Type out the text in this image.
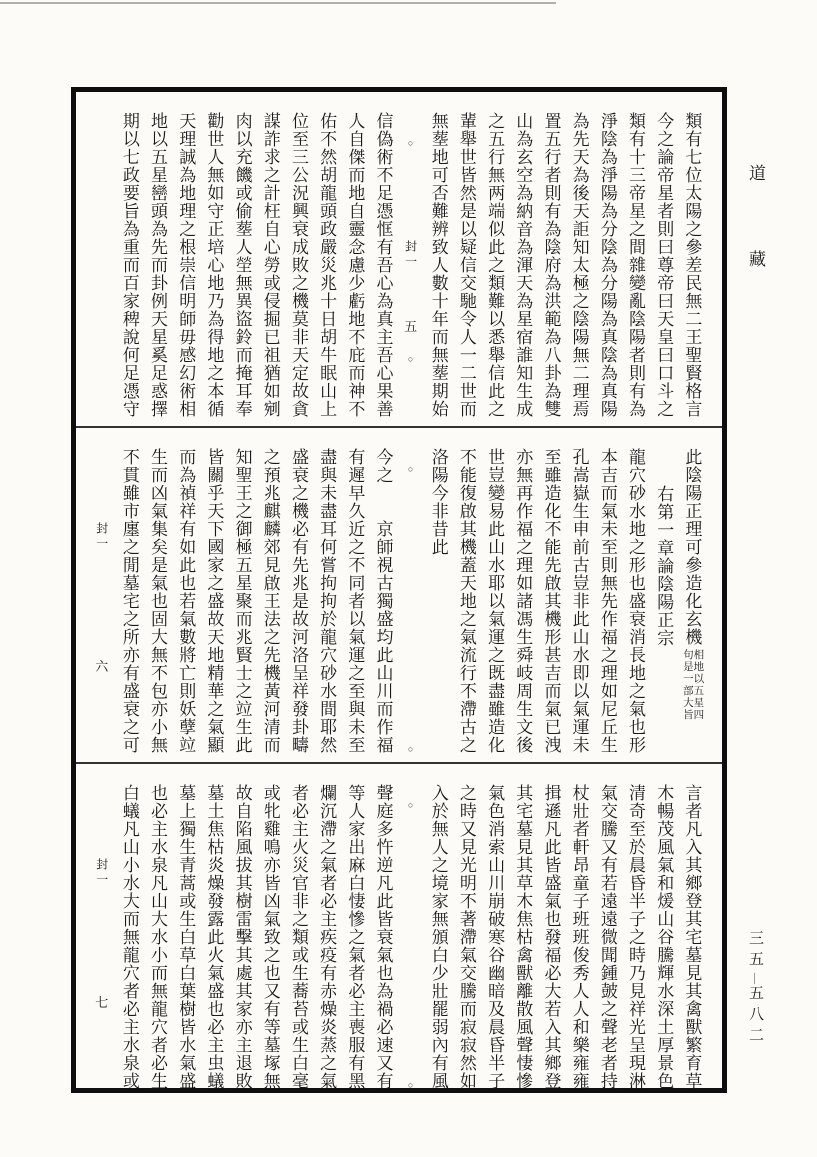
類有七位太陽之參差民無二王聖賢格言
今之論帝星者則曰尊帝曰天皇曰口斗之
類有十三帝星之間雜變亂陰陽者則有為
淨陰為淨陽為分陰為分陽為真陰為真陽
為先天為後天詎知太極之陰陽無二理焉
置五行者則有為陰府為洪範為八卦為雙
山為玄空為納音為渾天為星宿誰知生成
之五行無两端似此之類難以悉舉信此之
輩舉世皆然是以疑信交馳令人一二世而
無塟地可否難辨致人數十年而無塟期始
○
封一
五
○
信偽術不足憑恇有吾心為真主吾心果善
人自傑而地自靈念慮少虧地不庇而神不
佑不然胡龍頭政嚴災兆十日胡牛眠山上
位至三公況興衰成敗之機莫非天定故貪
謀詐求之計枉自心勞或侵掘已祖猶如剜
肉以充饑或偷塟人塋無異盜鈴而掩耳奉
勸世人無如守正培心地乃為得地之本循
天理誠為地理之根崇信明師毋感幻術相
地以五星巒頭為先而卦例天星奚足惑擇
期以七政要旨為重而百家稗說何足憑守
此陰陽正理可參造化玄機
相地以五星四
句是一部大旨
右第一章論陰陽正宗
龍穴砂水地之形也盛衰消長地之氣也形
本吉而氣未至則無先作福之理如尼丘生
孔嵩嶽生申前古豈非此山水即以氣運未
至雖造化不能先啟其機形甚吉而氣已洩
亦無再作福之理如諸馮生舜岐周生文後
世豈變易此山水耶以氣運之既盡雖造化
不能復啟其機蓋天地之氣流行不滯古之
洛陽今非昔此
○
○
今之　　京師視古獨盛均此山川而作福
有遲早久近之不同者以氣運之至與未至
盡與未盡耳何嘗拘拘於龍穴砂水間耶然
盛衰之機必有先兆是故河洛呈祥發卦疇
之預兆麒麟郊見啟王法之先機黃河清而
知聖王之御極五星聚而兆賢士之竝生此
皆關乎天下國家之盛故天地精華之氣顯
而為禎祥有如此也若氣數將亡則妖孽竝
生而凶氣集矣是氣也固大無不包亦小無
不貫雖市廛之閒墓宅之所亦有盛衰之可
封一
六
言者凡入其鄉登其宅墓見其禽獸繁育草
木暢茂風氣和煖山谷騰輝水深土厚景色
清奇至於晨昏半子之時乃見祥光呈現淋
氣交騰又有若遠遠微聞鍾皷之聲老者持
杖壯者軒昂童子班班俊秀人人和樂雍雍
揖遜凡此皆盛氣也發福必大若入其鄉登
其宅墓見其草木焦枯禽獸離散風聲悽慘
氣色消索山川崩破寒谷幽暗及晨昏半子
之時又見光明不著滯氣交騰而寂寂然如
入於無人之境家無頒白少壯罷弱內有風
○
○
聲庭多忤逆凡此皆衰氣也為禍必速又有
等人家出麻白悽慘之氣者必主喪服有黑
爛沉滯之氣者必主疾疫有赤燥炎蒸之氣
者必主火災官非之類或生蕎苔或生白毫
或牝雞鳴亦皆凶氣致之也又有等墓塚無
故自陷風拔其樹雷擊其處其家亦主退敗
墓土焦枯炎燥發露此火氣盛也必主虫蟻
墓上獨生青蒿或生白草白葉樹皆水氣盛
也必主水泉凡山大水小而無龍穴者必生
白蟻凡山小水大而無龍穴者必主水泉或
封一
七
道
藏
三五
—
五八二
